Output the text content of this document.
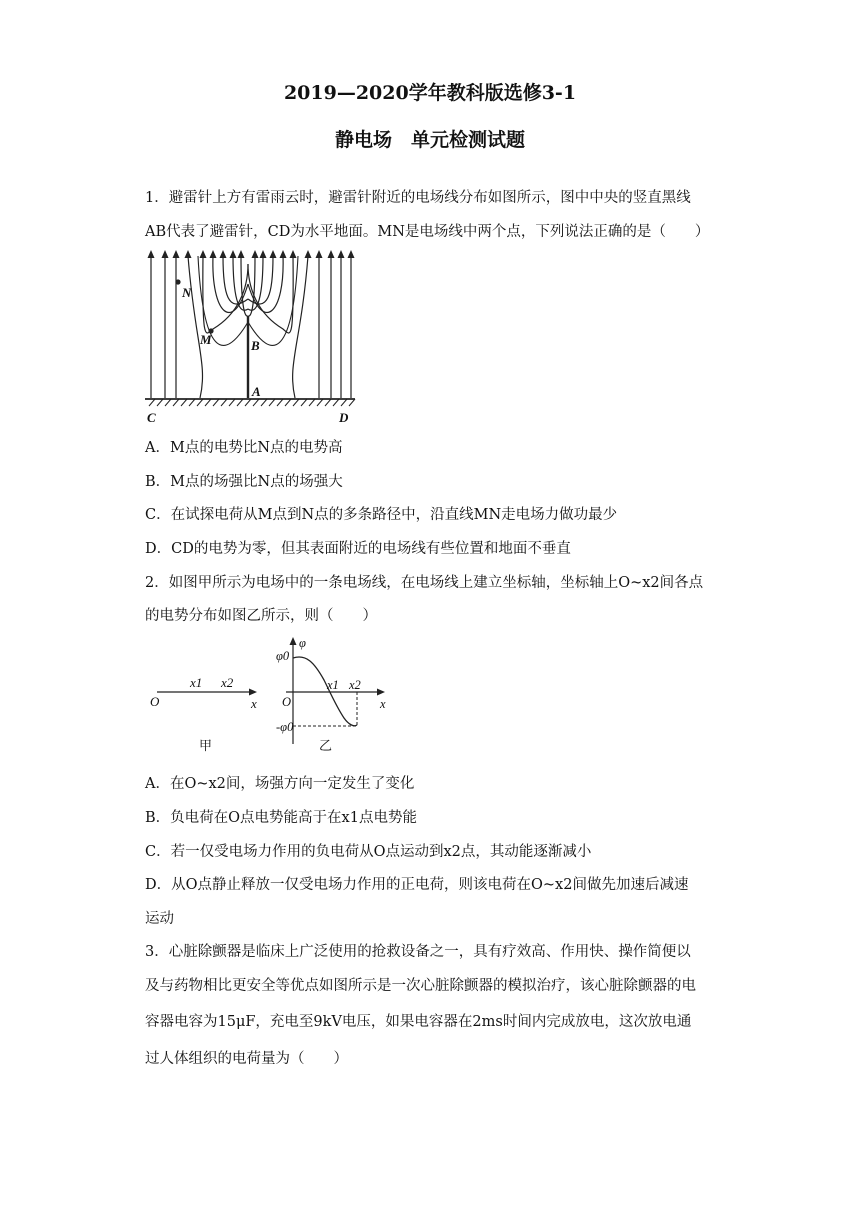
2019—2020学年教科版选修3-1
静电场　单元检测试题
1．避雷针上方有雷雨云时，避雷针附近的电场线分布如图所示，图中中央的竖直黑线
AB代表了避雷针，CD为水平地面。MN是电场线中两个点，下列说法正确的是（　　）
N
M	B
A
C	D
A．M点的电势比N点的电势高
B．M点的场强比N点的场强大
C．在试探电荷从M点到N点的多条路径中，沿直线MN走电场力做功最少
D．CD的电势为零，但其表面附近的电场线有些位置和地面不垂直
2．如图甲所示为电场中的一条电场线，在电场线上建立坐标轴，坐标轴上O~x2间各点
的电势分布如图乙所示，则（　　）
O
x1 x2
x
甲
φ
φ0
-φ0
O
x1 x2
x
乙
A．在O~x2间，场强方向一定发生了变化
B．负电荷在O点电势能高于在x1点电势能
C．若一仅受电场力作用的负电荷从O点运动到x2点，其动能逐渐减小
D．从O点静止释放一仅受电场力作用的正电荷，则该电荷在O~x2间做先加速后减速
运动
3．心脏除颤器是临床上广泛使用的抢救设备之一，具有疗效高、作用快、操作简便以
及与药物相比更安全等优点如图所示是一次心脏除颤器的模拟治疗，该心脏除颤器的电
容器电容为15μF，充电至9kV电压，如果电容器在2ms时间内完成放电，这次放电通
过人体组织的电荷量为（　　）
